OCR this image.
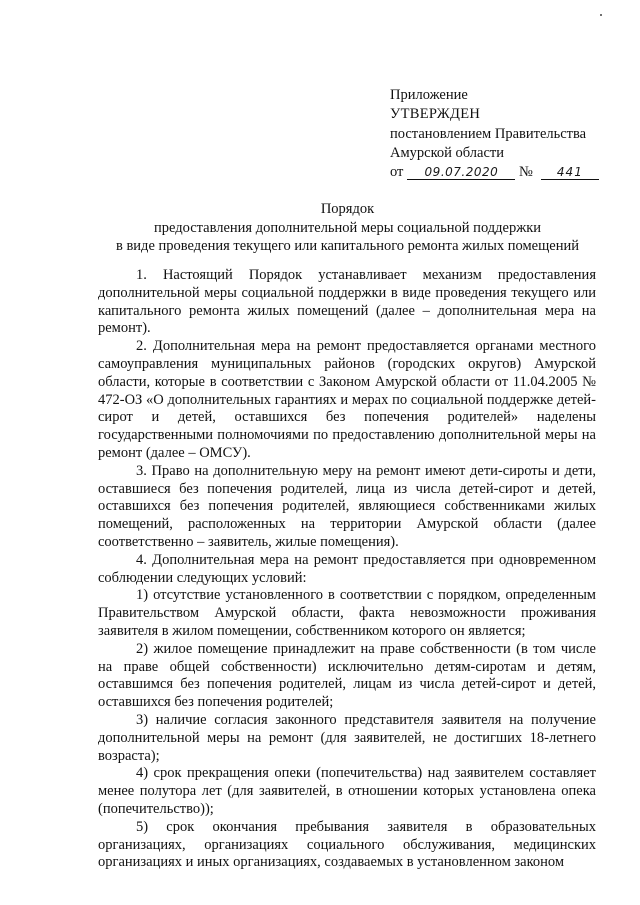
Приложение
УТВЕРЖДЕН
постановлением Правительства
Амурской области
от 09.07.2020 № 441
Порядок
предоставления дополнительной меры социальной поддержки
в виде проведения текущего или капитального ремонта жилых помещений

1. Настоящий Порядок устанавливает механизм предоставления дополнительной меры социальной поддержки в виде проведения текущего или капитального ремонта жилых помещений (далее – дополнительная мера на ремонт).

2. Дополнительная мера на ремонт предоставляется органами местного самоуправления муниципальных районов (городских округов) Амурской области, которые в соответствии с Законом Амурской области от 11.04.2005 № 472-ОЗ «О дополнительных гарантиях и мерах по социальной поддержке детей-сирот и детей, оставшихся без попечения родителей» наделены государственными полномочиями по предоставлению дополнительной меры на ремонт (далее – ОМСУ).

3. Право на дополнительную меру на ремонт имеют дети-сироты и дети, оставшиеся без попечения родителей, лица из числа детей-сирот и детей, оставшихся без попечения родителей, являющиеся собственниками жилых помещений, расположенных на территории Амурской области (далее соответственно – заявитель, жилые помещения).

4. Дополнительная мера на ремонт предоставляется при одновременном соблюдении следующих условий:

1) отсутствие установленного в соответствии с порядком, определенным Правительством Амурской области, факта невозможности проживания заявителя в жилом помещении, собственником которого он является;

2) жилое помещение принадлежит на праве собственности (в том числе на праве общей собственности) исключительно детям-сиротам и детям, оставшимся без попечения родителей, лицам из числа детей-сирот и детей, оставшихся без попечения родителей;

3) наличие согласия законного представителя заявителя на получение дополнительной меры на ремонт (для заявителей, не достигших 18-летнего возраста);

4) срок прекращения опеки (попечительства) над заявителем составляет менее полутора лет (для заявителей, в отношении которых установлена опека (попечительство));

5) срок окончания пребывания заявителя в образовательных организациях, организациях социального обслуживания, медицинских организациях и иных организациях, создаваемых в установленном законом
